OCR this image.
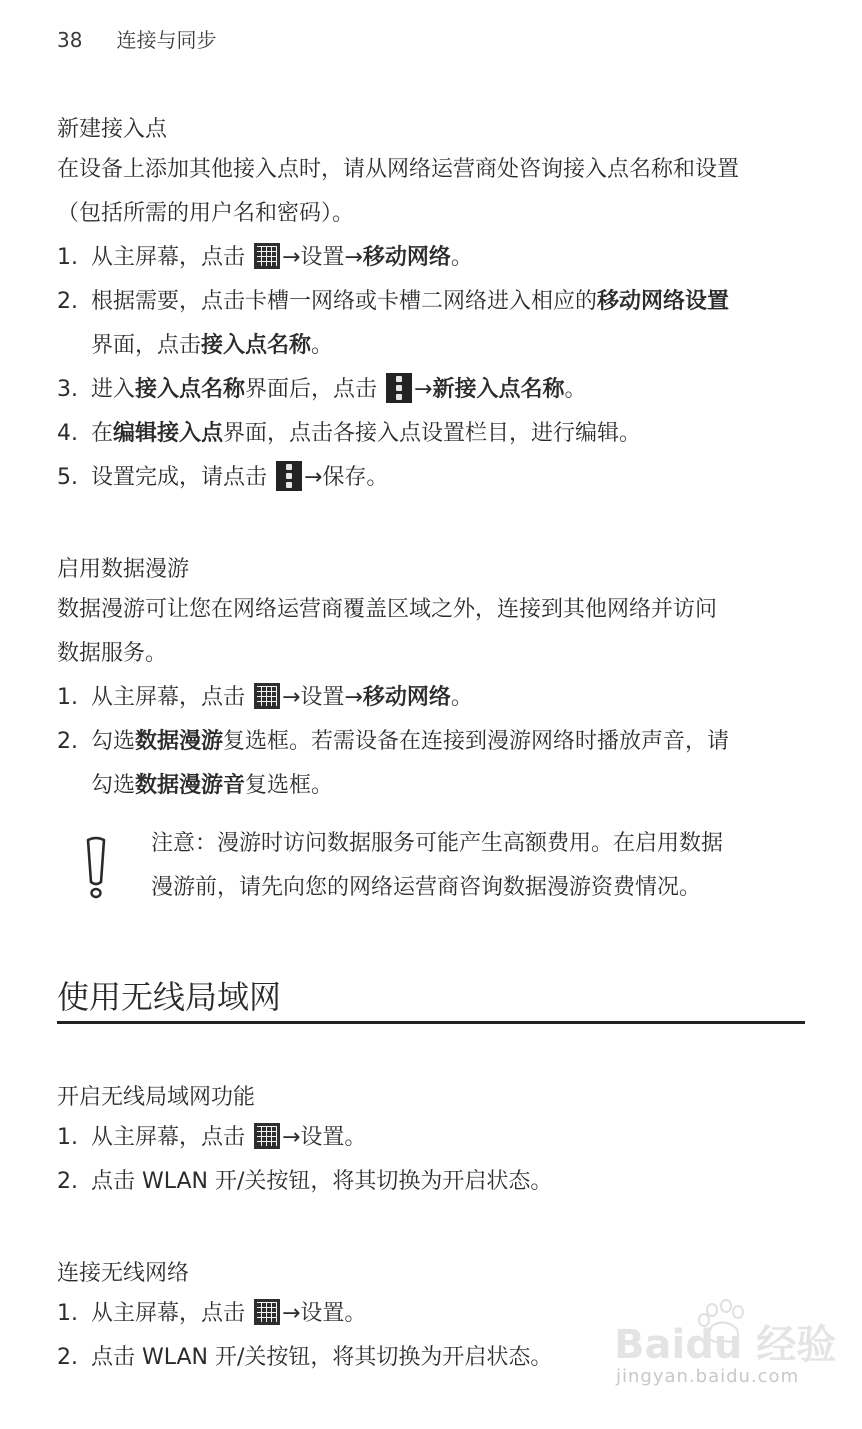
38 连接与同步
新建接入点
在设备上添加其他接入点时，请从网络运营商处咨询接入点名称和设置
（包括所需的用户名和密码）。
1. 从主屏幕，点击 →设置→移动网络。
2. 根据需要，点击卡槽一网络或卡槽二网络进入相应的移动网络设置
界面，点击接入点名称。
3. 进入接入点名称界面后，点击
→新接入点名称。
4. 在编辑接入点界面，点击各接入点设置栏目，进行编辑。
5. 设置完成，请点击
→保存。
启用数据漫游
数据漫游可让您在网络运营商覆盖区域之外，连接到其他网络并访问
数据服务。
1. 从主屏幕，点击 →设置→移动网络。
2. 勾选数据漫游复选框。若需设备在连接到漫游网络时播放声音，请
勾选数据漫游音复选框。
注意：漫游时访问数据服务可能产生高额费用。在启用数据
漫游前，请先向您的网络运营商咨询数据漫游资费情况。
使用无线局域网
开启无线局域网功能
1. 从主屏幕，点击 →设置。
2. 点击 WLAN 开/关按钮，将其切换为开启状态。
连接无线网络
1. 从主屏幕，点击 →设置。
2. 点击 WLAN 开/关按钮，将其切换为开启状态。 Baidu 经验
jingyan.baidu.com
